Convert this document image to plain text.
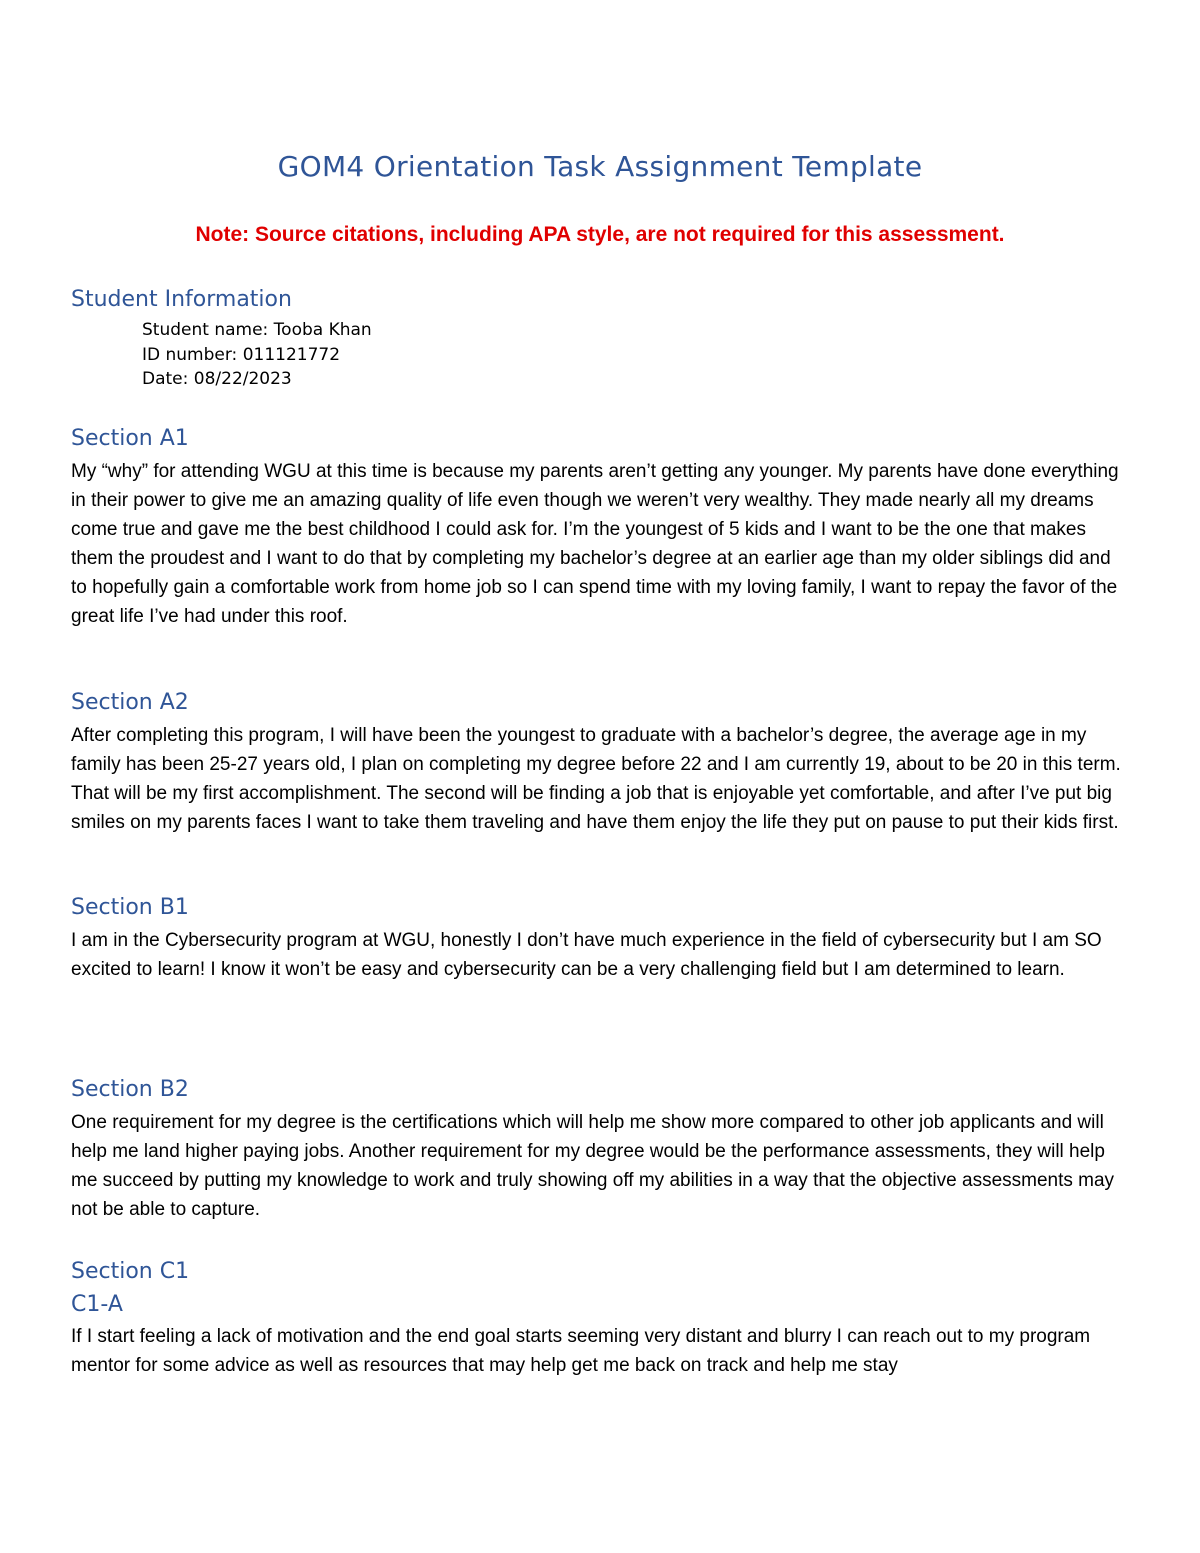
GOM4 Orientation Task Assignment Template
Note: Source citations, including APA style, are not required for this assessment.
Student Information
Student name: Tooba Khan
ID number: 011121772
Date: 08/22/2023
Section A1

My “why” for attending WGU at this time is because my parents aren’t getting any younger. My parents have done everything in their power to give me an amazing quality of life even though we weren’t very wealthy. They made nearly all my dreams come true and gave me the best childhood I could ask for. I’m the youngest of 5 kids and I want to be the one that makes them the proudest and I want to do that by completing my bachelor’s degree at an earlier age than my older siblings did and to hopefully gain a comfortable work from home job so I can spend time with my loving family, I want to repay the favor of the great life I’ve had under this roof.

Section A2

After completing this program, I will have been the youngest to graduate with a bachelor’s degree, the average age in my family has been 25-27 years old, I plan on completing my degree before 22 and I am currently 19, about to be 20 in this term. That will be my first accomplishment. The second will be finding a job that is enjoyable yet comfortable, and after I’ve put big smiles on my parents faces I want to take them traveling and have them enjoy the life they put on pause to put their kids first.

Section B1

I am in the Cybersecurity program at WGU, honestly I don’t have much experience in the field of cybersecurity but I am SO excited to learn! I know it won’t be easy and cybersecurity can be a very challenging field but I am determined to learn.

Section B2

One requirement for my degree is the certifications which will help me show more compared to other job applicants and will help me land higher paying jobs. Another requirement for my degree would be the performance assessments, they will help me succeed by putting my knowledge to work and truly showing off my abilities in a way that the objective assessments may not be able to capture.

Section C1
C1-A

If I start feeling a lack of motivation and the end goal starts seeming very distant and blurry I can reach out to my program mentor for some advice as well as resources that may help get me back on track and help me stay
